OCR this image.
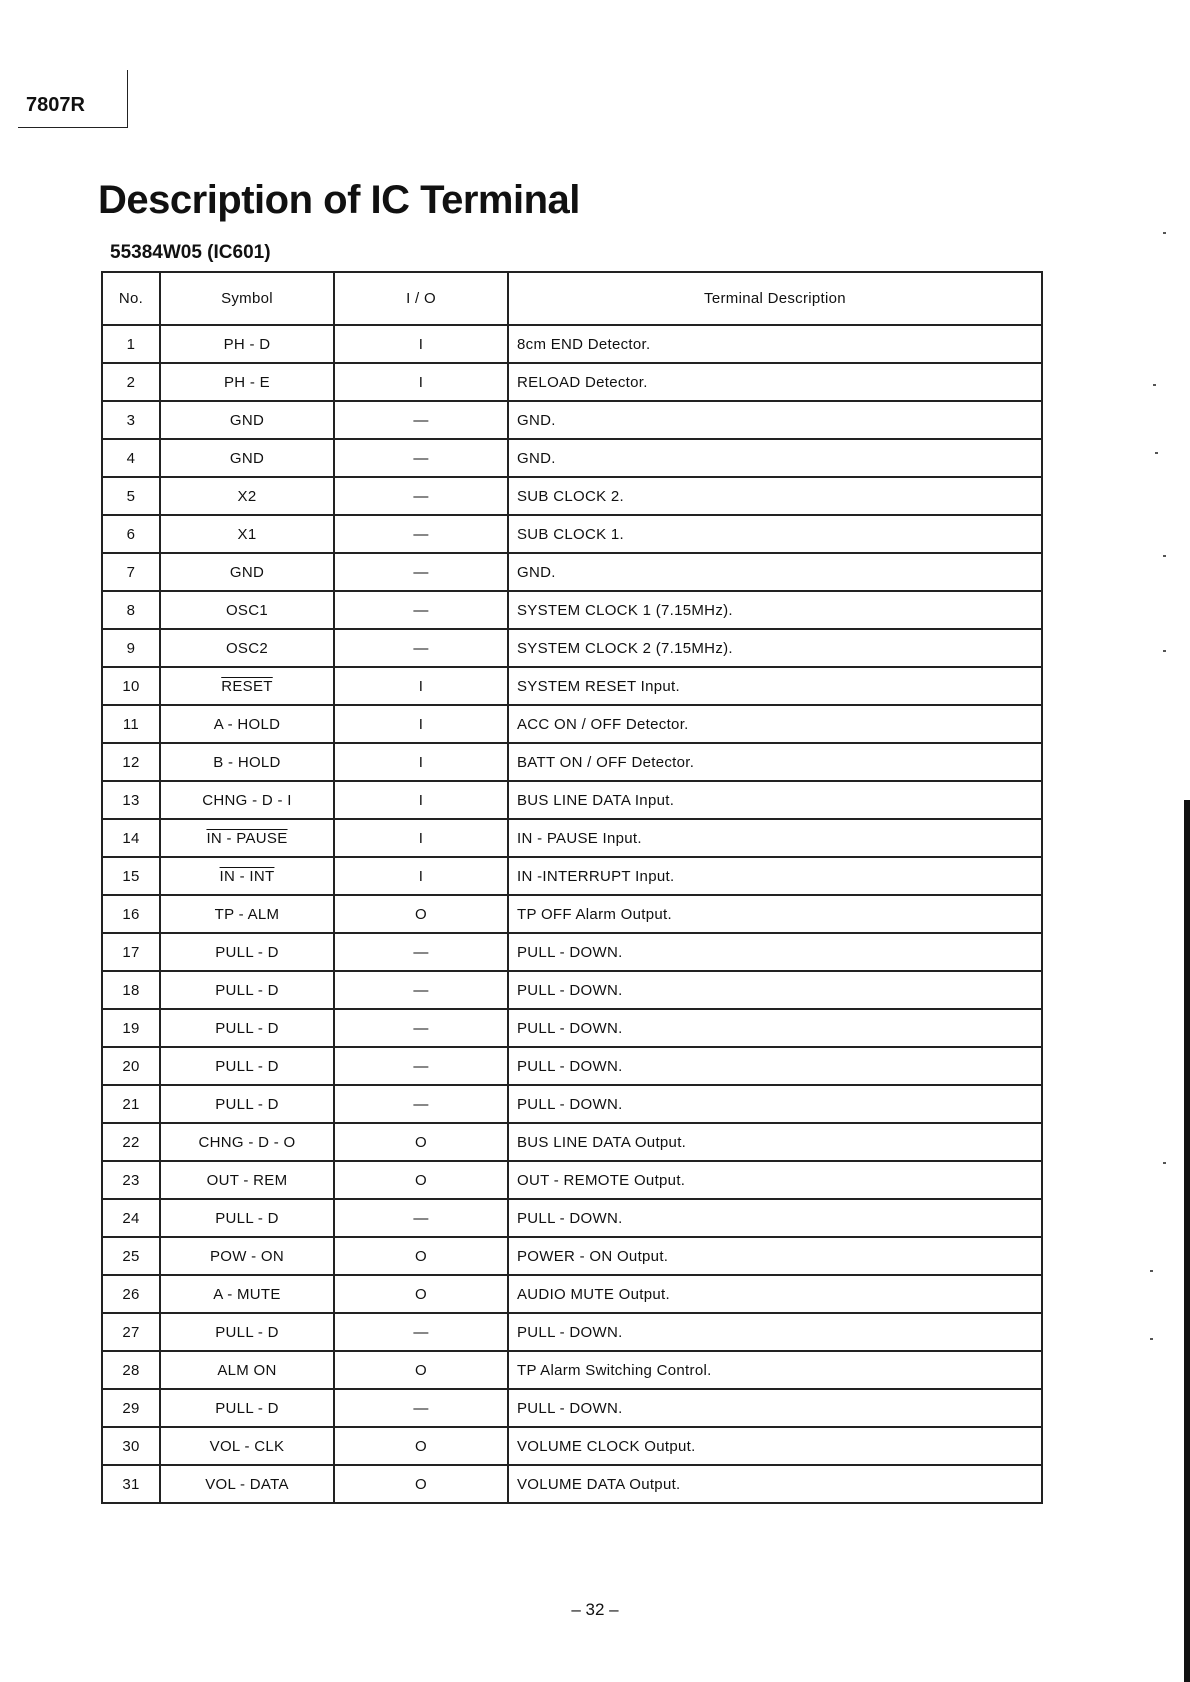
7807R
Description of IC Terminal
55384W05 (IC601)
No.	Symbol	I / O	Terminal Description
1	PH - D	I	8cm END Detector.
2	PH - E	I	RELOAD Detector.
3	GND	—	GND.
4	GND	—	GND.
5	X2	—	SUB CLOCK 2.
6	X1	—	SUB CLOCK 1.
7	GND	—	GND.
8	OSC1	—	SYSTEM CLOCK 1 (7.15MHz).
9	OSC2	—	SYSTEM CLOCK 2 (7.15MHz).
10	RESET	I	SYSTEM RESET Input.
11	A - HOLD	I	ACC ON / OFF Detector.
12	B - HOLD	I	BATT ON / OFF Detector.
13	CHNG - D - I	I	BUS LINE DATA Input.
14	IN - PAUSE	I	IN - PAUSE Input.
15	IN - INT	I	IN -INTERRUPT Input.
16	TP - ALM	O	TP OFF Alarm Output.
17	PULL - D	—	PULL - DOWN.
18	PULL - D	—	PULL - DOWN.
19	PULL - D	—	PULL - DOWN.
20	PULL - D	—	PULL - DOWN.
21	PULL - D	—	PULL - DOWN.
22	CHNG - D - O	O	BUS LINE DATA Output.
23	OUT - REM	O	OUT - REMOTE Output.
24	PULL - D	—	PULL - DOWN.
25	POW - ON	O	POWER - ON Output.
26	A - MUTE	O	AUDIO MUTE Output.
27	PULL - D	—	PULL - DOWN.
28	ALM ON	O	TP Alarm Switching Control.
29	PULL - D	—	PULL - DOWN.
30	VOL - CLK	O	VOLUME CLOCK Output.
31	VOL - DATA	O	VOLUME DATA Output.
– 32 –
